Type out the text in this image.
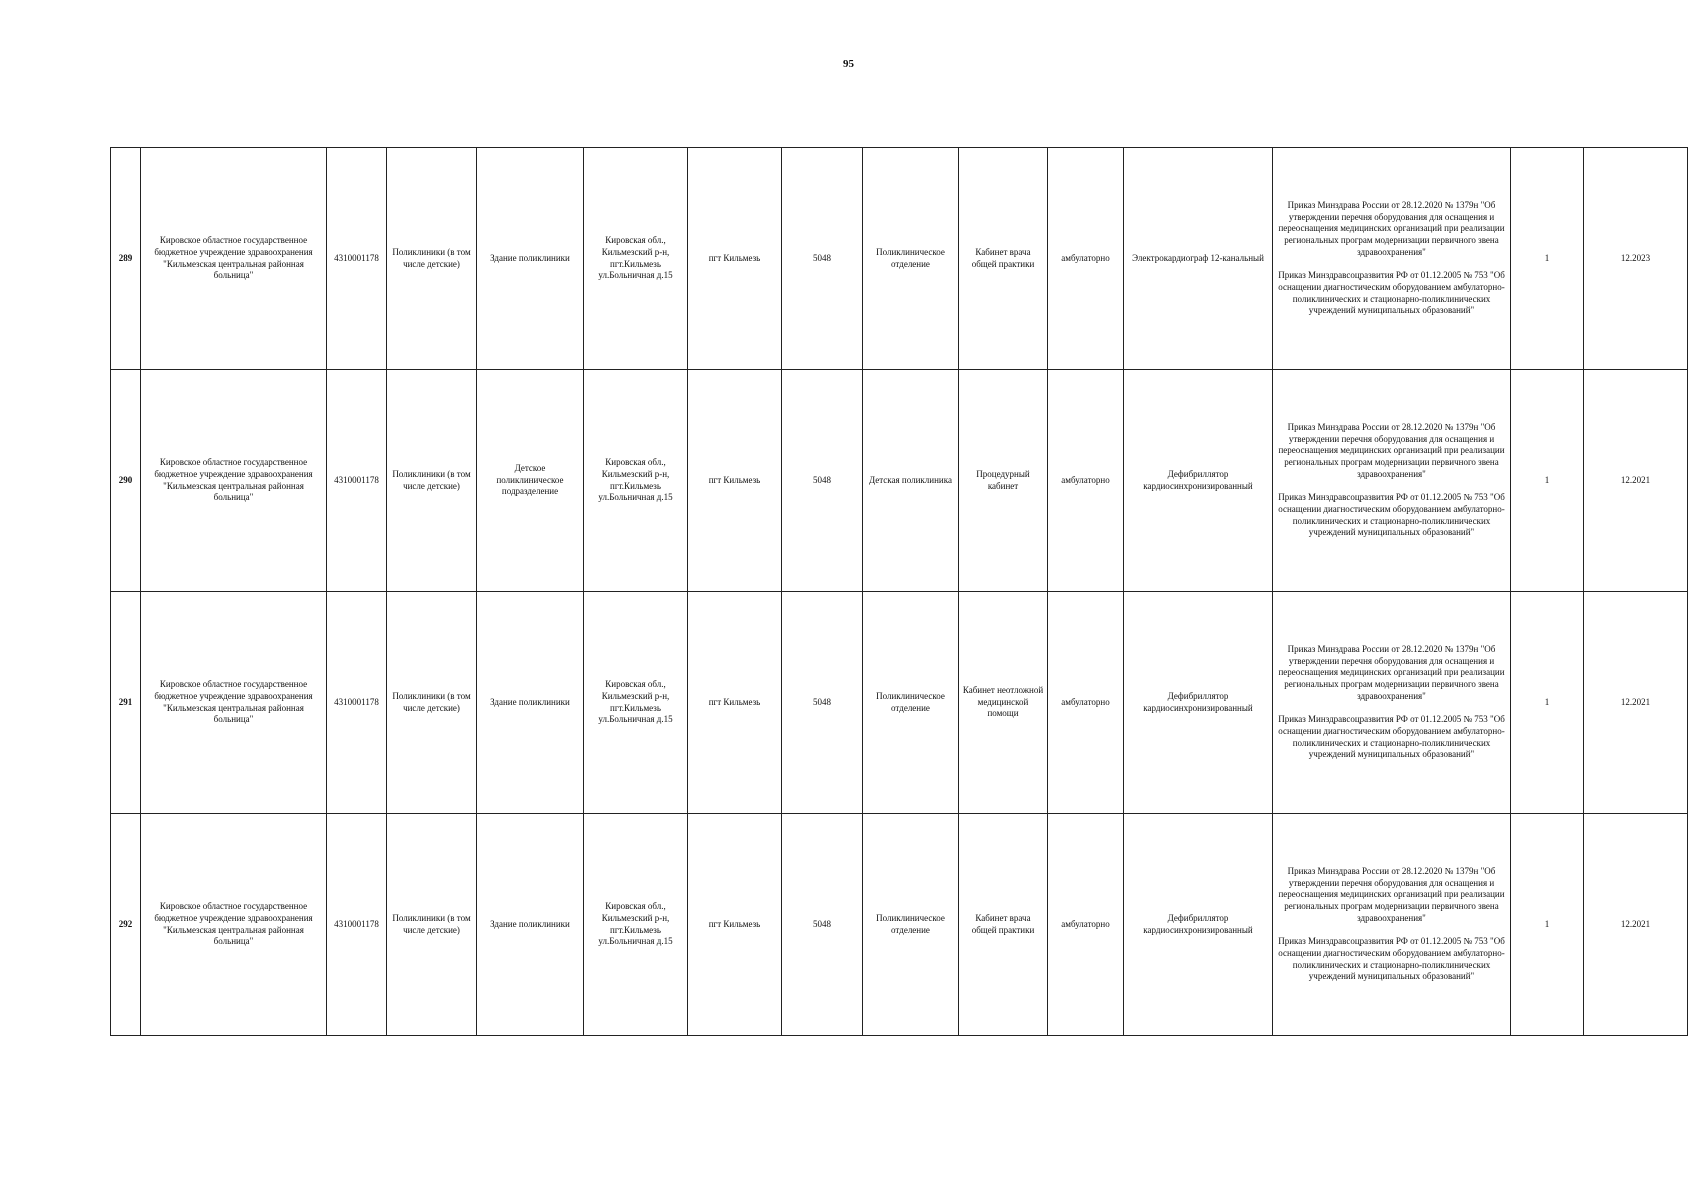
95
289	Кировское областное государственное бюджетное учреждение здравоохранения "Кильмезская центральная районная больница"	4310001178	Поликлиники (в том числе детские)	Здание поликлиники	Кировская обл., Кильмезский р-н, пгт.Кильмезь ул.Больничная д.15	пгт Кильмезь	5048	Поликлиническое отделение	Кабинет врача общей практики	амбулаторно	Электрокардиограф 12-канальный	Приказ Минздрава России от 28.12.2020 № 1379н "Об утверждении перечня оборудования для оснащения и переоснащения медицинских организаций при реализации региональных програм модернизации первичного звена здравоохранения"

Приказ Минздравсоцразвития РФ от 01.12.2005 № 753 "Об оснащении диагностическим оборудованием амбулаторно-поликлинических и стационарно-поликлинических учреждений муниципальных образований"	1	12.2023
290	Кировское областное государственное бюджетное учреждение здравоохранения "Кильмезская центральная районная больница"	4310001178	Поликлиники (в том числе детские)	Детское поликлиническое подразделение	Кировская обл., Кильмезский р-н, пгт.Кильмезь ул.Больничная д.15	пгт Кильмезь	5048	Детская поликлиника	Процедурный кабинет	амбулаторно	Дефибриллятор кардиосинхронизированный	Приказ Минздрава России от 28.12.2020 № 1379н "Об утверждении перечня оборудования для оснащения и переоснащения медицинских организаций при реализации региональных програм модернизации первичного звена здравоохранения"

Приказ Минздравсоцразвития РФ от 01.12.2005 № 753 "Об оснащении диагностическим оборудованием амбулаторно-поликлинических и стационарно-поликлинических учреждений муниципальных образований"	1	12.2021
291	Кировское областное государственное бюджетное учреждение здравоохранения "Кильмезская центральная районная больница"	4310001178	Поликлиники (в том числе детские)	Здание поликлиники	Кировская обл., Кильмезский р-н, пгт.Кильмезь ул.Больничная д.15	пгт Кильмезь	5048	Поликлиническое отделение	Кабинет неотложной медицинской помощи	амбулаторно	Дефибриллятор кардиосинхронизированный	Приказ Минздрава России от 28.12.2020 № 1379н "Об утверждении перечня оборудования для оснащения и переоснащения медицинских организаций при реализации региональных програм модернизации первичного звена здравоохранения"

Приказ Минздравсоцразвития РФ от 01.12.2005 № 753 "Об оснащении диагностическим оборудованием амбулаторно-поликлинических и стационарно-поликлинических учреждений муниципальных образований"	1	12.2021
292	Кировское областное государственное бюджетное учреждение здравоохранения "Кильмезская центральная районная больница"	4310001178	Поликлиники (в том числе детские)	Здание поликлиники	Кировская обл., Кильмезский р-н, пгт.Кильмезь ул.Больничная д.15	пгт Кильмезь	5048	Поликлиническое отделение	Кабинет врача общей практики	амбулаторно	Дефибриллятор кардиосинхронизированный	Приказ Минздрава России от 28.12.2020 № 1379н "Об утверждении перечня оборудования для оснащения и переоснащения медицинских организаций при реализации региональных програм модернизации первичного звена здравоохранения"

Приказ Минздравсоцразвития РФ от 01.12.2005 № 753 "Об оснащении диагностическим оборудованием амбулаторно-поликлинических и стационарно-поликлинических учреждений муниципальных образований"	1	12.2021
